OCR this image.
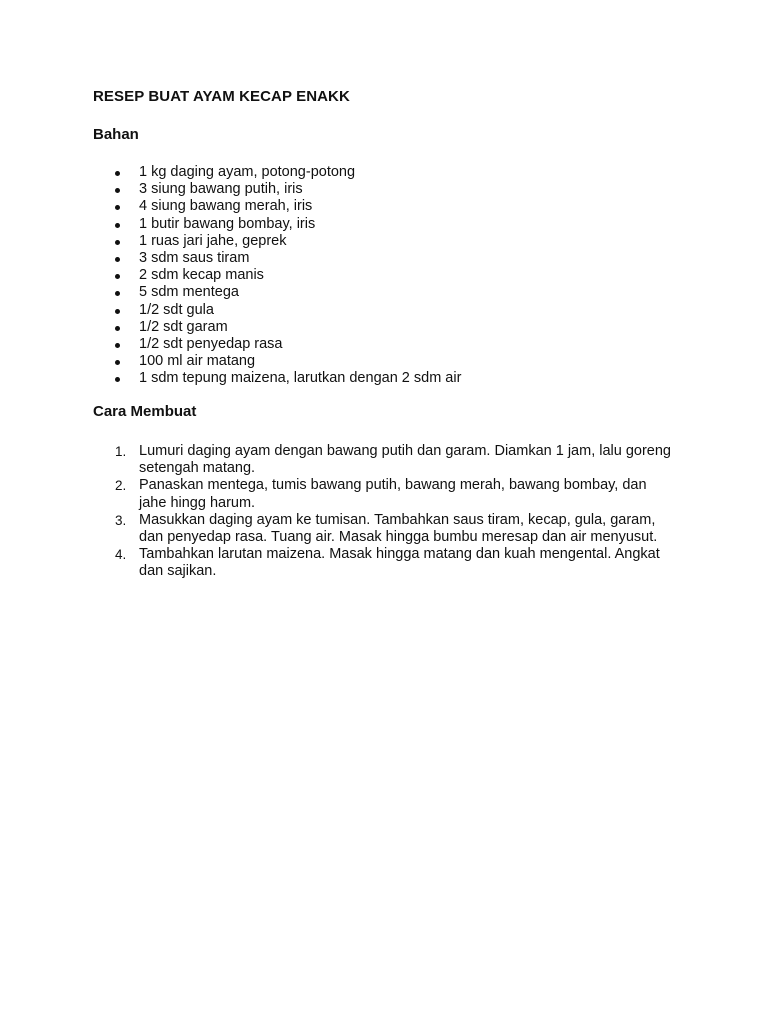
RESEP BUAT AYAM KECAP ENAKK
Bahan
1 kg daging ayam, potong-potong
3 siung bawang putih, iris
4 siung bawang merah, iris
1 butir bawang bombay, iris
1 ruas jari jahe, geprek
3 sdm saus tiram
2 sdm kecap manis
5 sdm mentega
1/2 sdt gula
1/2 sdt garam
1/2 sdt penyedap rasa
100 ml air matang
1 sdm tepung maizena, larutkan dengan 2 sdm air
Cara Membuat
1. Lumuri daging ayam dengan bawang putih dan garam. Diamkan 1 jam, lalu goreng setengah matang.
2. Panaskan mentega, tumis bawang putih, bawang merah, bawang bombay, dan jahe hingg harum.
3. Masukkan daging ayam ke tumisan. Tambahkan saus tiram, kecap, gula, garam, dan penyedap rasa. Tuang air. Masak hingga bumbu meresap dan air menyusut.
4. Tambahkan larutan maizena. Masak hingga matang dan kuah mengental. Angkat dan sajikan.
